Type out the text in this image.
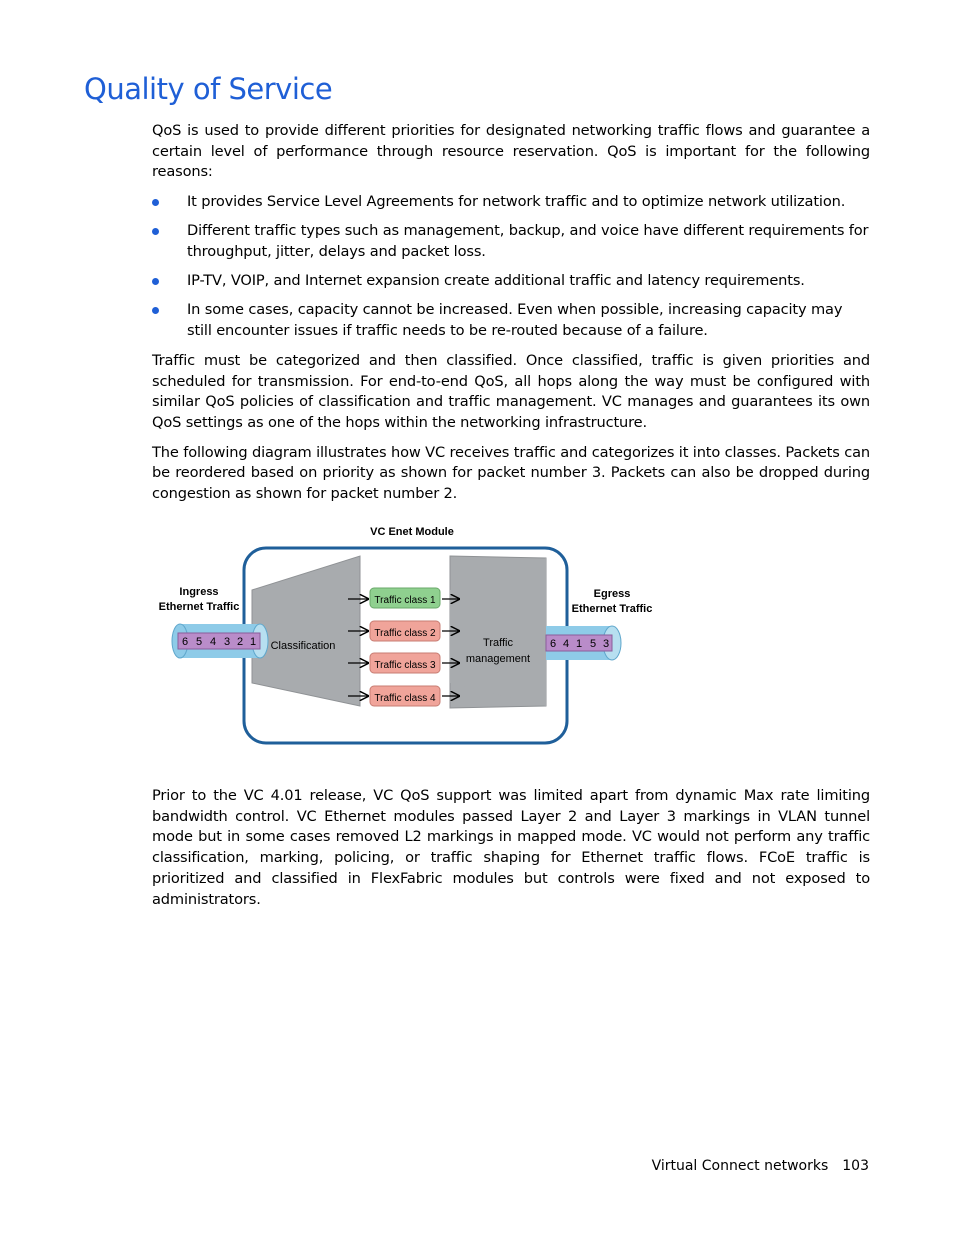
Quality of Service

QoS is used to provide different priorities for designated networking traffic flows and guarantee a certain level of performance through resource reservation. QoS is important for the following reasons:

It provides Service Level Agreements for network traffic and to optimize network utilization.
Different traffic types such as management, backup, and voice have different requirements for throughput, jitter, delays and packet loss.
IP-TV, VOIP, and Internet expansion create additional traffic and latency requirements.
In some cases, capacity cannot be increased. Even when possible, increasing capacity may still encounter issues if traffic needs to be re-routed because of a failure.

Traffic must be categorized and then classified. Once classified, traffic is given priorities and scheduled for transmission. For end-to-end QoS, all hops along the way must be configured with similar QoS policies of classification and traffic management. VC manages and guarantees its own QoS settings as one of the hops within the networking infrastructure.

The following diagram illustrates how VC receives traffic and categorizes it into classes. Packets can be reordered based on priority as shown for packet number 3. Packets can also be dropped during congestion as shown for packet number 2.

VC Enet Module
Classification	Traffic
management
Traffic class 1
Traffic class 2
Traffic class 3
Traffic class 4
Ingress
Ethernet Traffic
6 5 4 3 2 1
Egress
Ethernet Traffic
6 4 1 5 3

Prior to the VC 4.01 release, VC QoS support was limited apart from dynamic Max rate limiting bandwidth control. VC Ethernet modules passed Layer 2 and Layer 3 markings in VLAN tunnel mode but in some cases removed L2 markings in mapped mode. VC would not perform any traffic classification, marking, policing, or traffic shaping for Ethernet traffic flows. FCoE traffic is prioritized and classified in FlexFabric modules but controls were fixed and not exposed to administrators.

Virtual Connect networks 103
